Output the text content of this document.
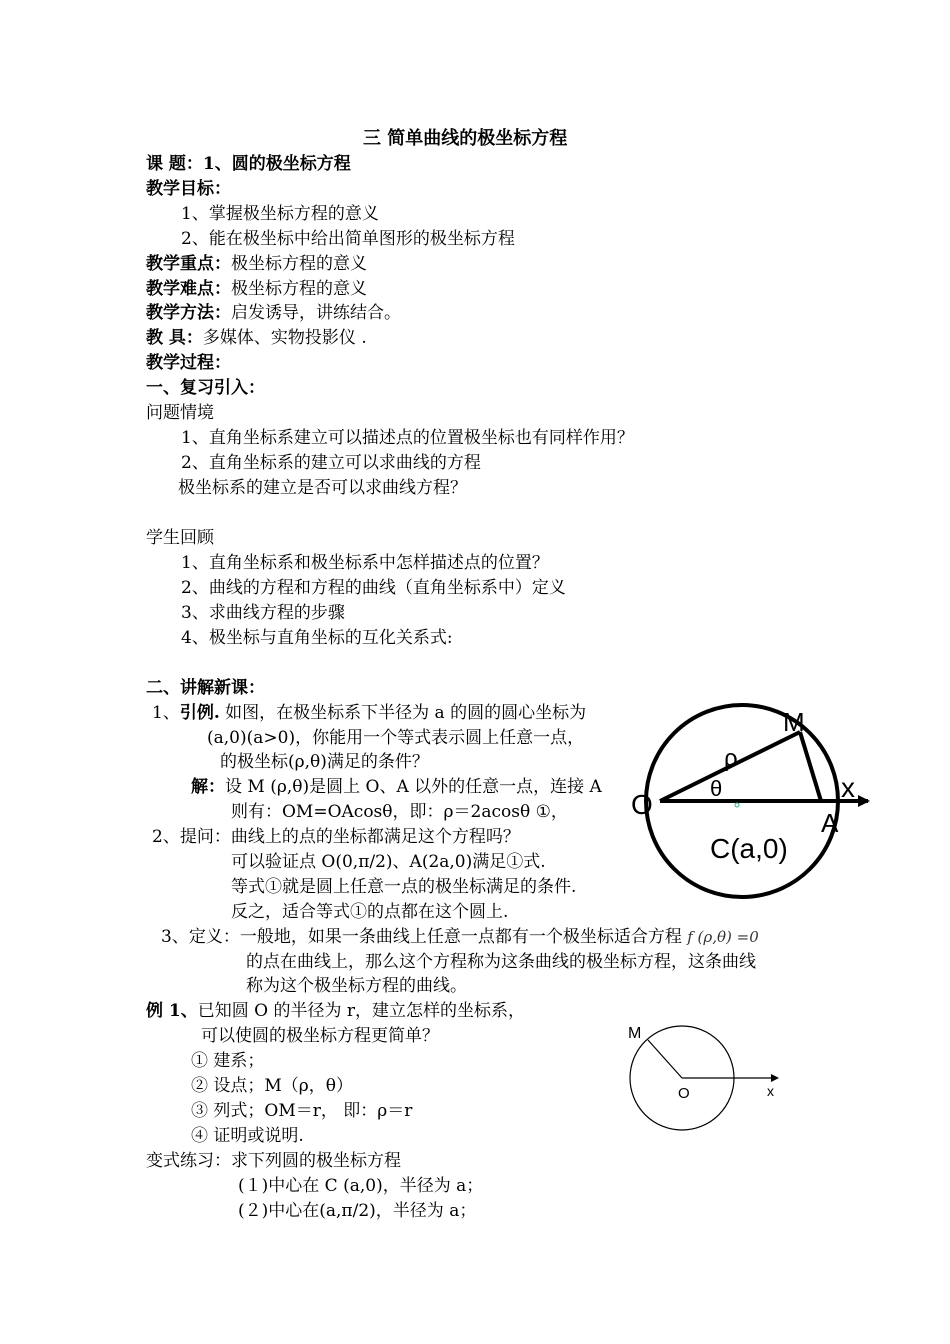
三 简单曲线的极坐标方程
课 题：1、圆的极坐标方程
教学目标：
1、掌握极坐标方程的意义
2、能在极坐标中给出简单图形的极坐标方程
教学重点：极坐标方程的意义
教学难点：极坐标方程的意义
教学方法：启发诱导，讲练结合。
教 具：多媒体、实物投影仪 .
教学过程：
一、复习引入：
问题情境
1、直角坐标系建立可以描述点的位置极坐标也有同样作用？
2、直角坐标系的建立可以求曲线的方程
极坐标系的建立是否可以求曲线方程？
学生回顾
1、直角坐标系和极坐标系中怎样描述点的位置？
2、曲线的方程和方程的曲线（直角坐标系中）定义
3、求曲线方程的步骤
4、极坐标与直角坐标的互化关系式:
二、讲解新课：
1、引例. 如图，在极坐标系下半径为 a 的圆的圆心坐标为
(a,0)(a>0)，你能用一个等式表示圆上任意一点，
的极坐标(ρ,θ)满足的条件？
解：设 M (ρ,θ)是圆上 O、A 以外的任意一点，连接 A
则有：OM=OAcosθ，即：ρ＝2acosθ ①，
2、提问：曲线上的点的坐标都满足这个方程吗？
可以验证点 O(0,π/2)、A(2a,0)满足①式.
等式①就是圆上任意一点的极坐标满足的条件.
反之，适合等式①的点都在这个圆上.
3、定义：一般地，如果一条曲线上任意一点都有一个极坐标适合方程 f (ρ,θ) =0
的点在曲线上，那么这个方程称为这条曲线的极坐标方程，这条曲线
称为这个极坐标方程的曲线。
例 1、已知圆 O 的半径为 r，建立怎样的坐标系，
可以使圆的极坐标方程更简单？
① 建系；
② 设点；M（ρ，θ）
③ 列式；OM＝r， 即：ρ＝r
④ 证明或说明.
变式练习：求下列圆的极坐标方程
(１)中心在 C (a,0)，半径为 a；
(２)中心在(a,π/2)，半径为 a；
M
ρ
θ	x
O
A
C(a,0)
M
O	x
